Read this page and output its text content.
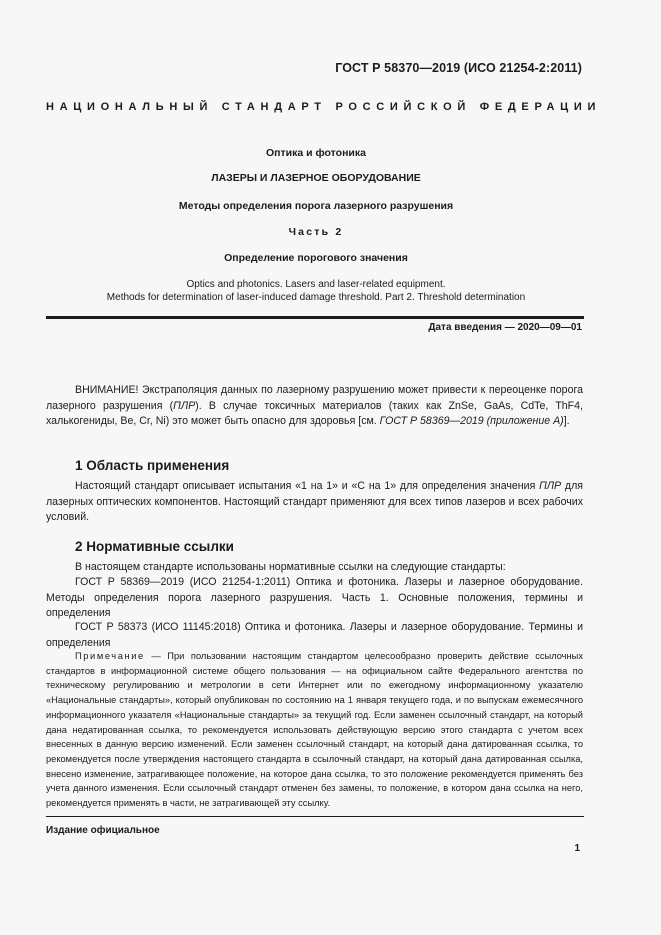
ГОСТ Р 58370—2019 (ИСО 21254-2:2011)
НАЦИОНАЛЬНЫЙ СТАНДАРТ РОССИЙСКОЙ ФЕДЕРАЦИИ
Оптика и фотоника
ЛАЗЕРЫ И ЛАЗЕРНОЕ ОБОРУДОВАНИЕ
Методы определения порога лазерного разрушения
Часть 2
Определение порогового значения
Optics and photonics. Lasers and laser-related equipment.
Methods for determination of laser-induced damage threshold. Part 2. Threshold determination
Дата введения — 2020—09—01
ВНИМАНИЕ! Экстраполяция данных по лазерному разрушению может привести к переоценке порога лазерного разрушения (ПЛР). В случае токсичных материалов (таких как ZnSe, GaAs, CdTe, ThF4, халькогениды, Be, Cr, Ni) это может быть опасно для здоровья [см. ГОСТ Р 58369—2019 (приложение А)].
1 Область применения
Настоящий стандарт описывает испытания «1 на 1» и «С на 1» для определения значения ПЛР для лазерных оптических компонентов. Настоящий стандарт применяют для всех типов лазеров и всех рабочих условий.
2 Нормативные ссылки
В настоящем стандарте использованы нормативные ссылки на следующие стандарты:
ГОСТ Р 58369—2019 (ИСО 21254-1:2011) Оптика и фотоника. Лазеры и лазерное оборудование. Методы определения порога лазерного разрушения. Часть 1. Основные положения, термины и определения
ГОСТ Р 58373 (ИСО 11145:2018) Оптика и фотоника. Лазеры и лазерное оборудование. Термины и определения
Примечание — При пользовании настоящим стандартом целесообразно проверить действие ссылочных стандартов в информационной системе общего пользования — на официальном сайте Федерального агентства по техническому регулированию и метрологии в сети Интернет или по ежегодному информационному указателю «Национальные стандарты», который опубликован по состоянию на 1 января текущего года, и по выпускам ежемесячного информационного указателя «Национальные стандарты» за текущий год. Если заменен ссылочный стандарт, на который дана недатированная ссылка, то рекомендуется использовать действующую версию этого стандарта с учетом всех внесенных в данную версию изменений. Если заменен ссылочный стандарт, на который дана датированная ссылка, то рекомендуется после утверждения настоящего стандарта в ссылочный стандарт, на который дана датированная ссылка, внесено изменение, затрагивающее положение, на которое дана ссылка, то это положение рекомендуется применять без учета данного изменения. Если ссылочный стандарт отменен без замены, то положение, в котором дана ссылка на него, рекомендуется применять в части, не затрагивающей эту ссылку.
Издание официальное
1
